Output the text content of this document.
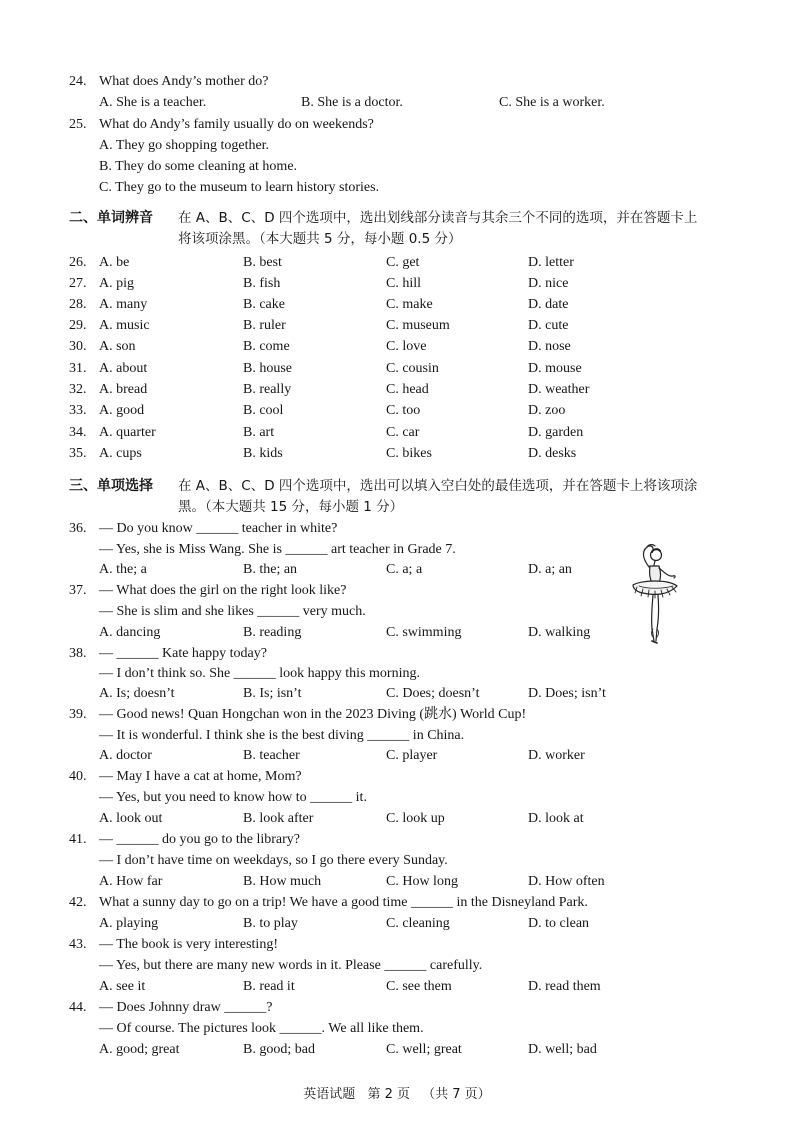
24. What does Andy’s mother do?
A. She is a teacher.	B. She is a doctor.	C. She is a worker.
25. What do Andy’s family usually do on weekends?
A. They go shopping together.
B. They do some cleaning at home.
C. They go to the museum to learn history stories.
二、单词辨音 在 A、B、C、D 四个选项中，选出划线部分读音与其余三个不同的选项，并在答题卡上
将该项涂黑。（本大题共 5 分，每小题 0.5 分）
26. A. be	B. best	C. get	D. letter
27. A. pig	B. fish	C. hill	D. nice
28. A. many	B. cake	C. make	D. date
29. A. music	B. ruler	C. museum	D. cute
30. A. son	B. come	C. love	D. nose
31. A. about	B. house	C. cousin	D. mouse
32. A. bread	B. really	C. head	D. weather
33. A. good	B. cool	C. too	D. zoo
34. A. quarter	B. art	C. car	D. garden
35. A. cups	B. kids	C. bikes	D. desks
三、单项选择 在 A、B、C、D 四个选项中，选出可以填入空白处的最佳选项，并在答题卡上将该项涂
黑。（本大题共 15 分，每小题 1 分）
36. — Do you know ______ teacher in white?
— Yes, she is Miss Wang. She is ______ art teacher in Grade 7.
A. the; a	B. the; an	C. a; a	D. a; an
37. — What does the girl on the right look like?
— She is slim and she likes ______ very much.
A. dancing	B. reading	C. swimming	D. walking
38. — ______ Kate happy today?
— I don’t think so. She ______ look happy this morning.
A. Is; doesn’t	B. Is; isn’t	C. Does; doesn’t	D. Does; isn’t
39. — Good news! Quan Hongchan won in the 2023 Diving (跳水) World Cup!
— It is wonderful. I think she is the best diving ______ in China.
A. doctor	B. teacher	C. player	D. worker
40. — May I have a cat at home, Mom?
— Yes, but you need to know how to ______ it.
A. look out	B. look after	C. look up	D. look at
41. — ______ do you go to the library?
— I don’t have time on weekdays, so I go there every Sunday.
A. How far	B. How much	C. How long	D. How often
42. What a sunny day to go on a trip! We have a good time ______ in the Disneyland Park.
A. playing	B. to play	C. cleaning	D. to clean
43. — The book is very interesting!
— Yes, but there are many new words in it. Please ______ carefully.
A. see it	B. read it	C. see them	D. read them
44. — Does Johnny draw ______?
— Of course. The pictures look ______. We all like them.
A. good; great	B. good; bad	C. well; great	D. well; bad
英语试题 第 2 页 （共 7 页）
